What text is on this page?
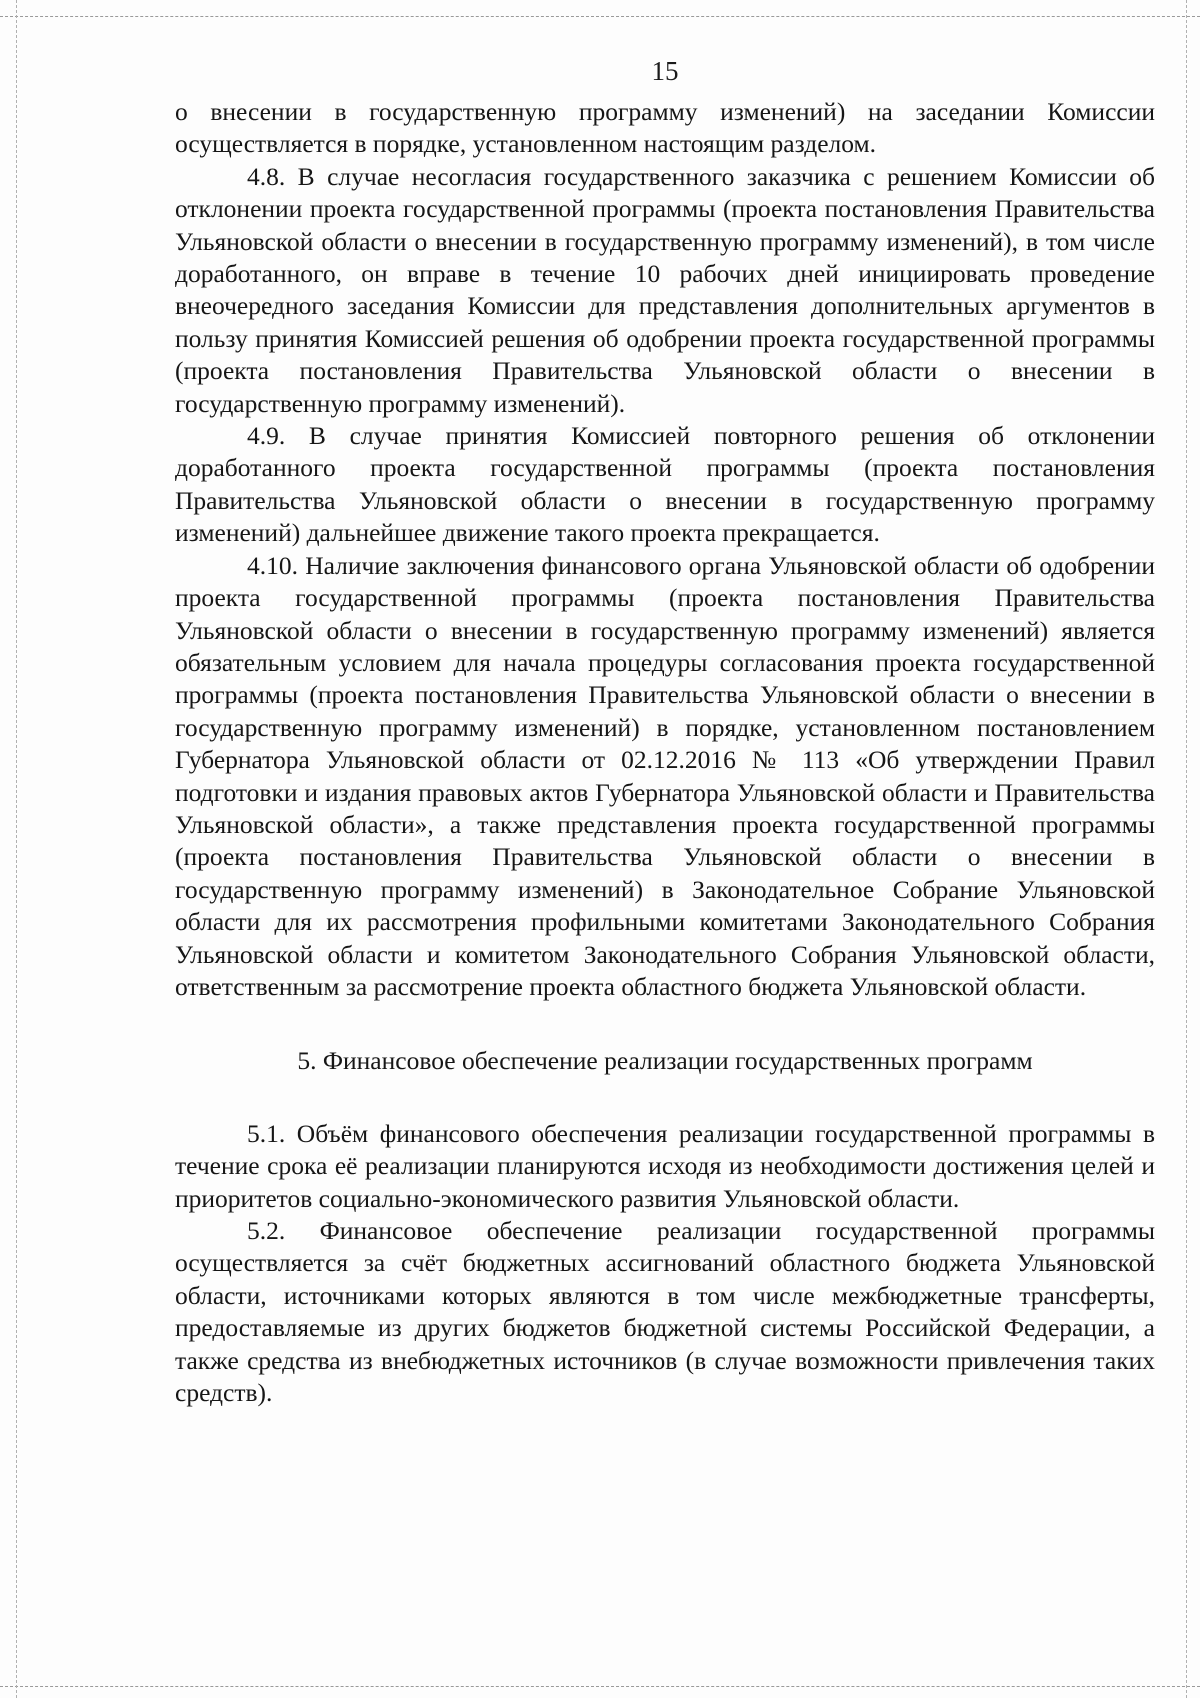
15

о внесении в государственную программу изменений) на заседании Комиссии осуществляется в порядке, установленном настоящим разделом.

4.8. В случае несогласия государственного заказчика с решением Комиссии об отклонении проекта государственной программы (проекта постановления Правительства Ульяновской области о внесении в государственную программу изменений), в том числе доработанного, он вправе в течение 10 рабочих дней инициировать проведение внеочередного заседания Комиссии для представления дополнительных аргументов в пользу принятия Комиссией решения об одобрении проекта государственной программы (проекта постановления Правительства Ульяновской области о внесении в государственную программу изменений).

4.9. В случае принятия Комиссией повторного решения об отклонении доработанного проекта государственной программы (проекта постановления Правительства Ульяновской области о внесении в государственную программу изменений) дальнейшее движение такого проекта прекращается.

4.10. Наличие заключения финансового органа Ульяновской области об одобрении проекта государственной программы (проекта постановления Правительства Ульяновской области о внесении в государственную программу изменений) является обязательным условием для начала процедуры согласования проекта государственной программы (проекта постановления Правительства Ульяновской области о внесении в государственную программу изменений) в порядке, установленном постановлением Губернатора Ульяновской области от 02.12.2016 № 113 «Об утверждении Правил подготовки и издания правовых актов Губернатора Ульяновской области и Правительства Ульяновской области», а также представления проекта государственной программы (проекта постановления Правительства Ульяновской области о внесении в государственную программу изменений) в Законодательное Собрание Ульяновской области для их рассмотрения профильными комитетами Законодательного Собрания Ульяновской области и комитетом Законодательного Собрания Ульяновской области, ответственным за рассмотрение проекта областного бюджета Ульяновской области.

5. Финансовое обеспечение реализации государственных программ

5.1. Объём финансового обеспечения реализации государственной программы в течение срока её реализации планируются исходя из необходимости достижения целей и приоритетов социально-экономического развития Ульяновской области.

5.2. Финансовое обеспечение реализации государственной программы осуществляется за счёт бюджетных ассигнований областного бюджета Ульяновской области, источниками которых являются в том числе межбюджетные трансферты, предоставляемые из других бюджетов бюджетной системы Российской Федерации, а также средства из внебюджетных источников (в случае возможности привлечения таких средств).
